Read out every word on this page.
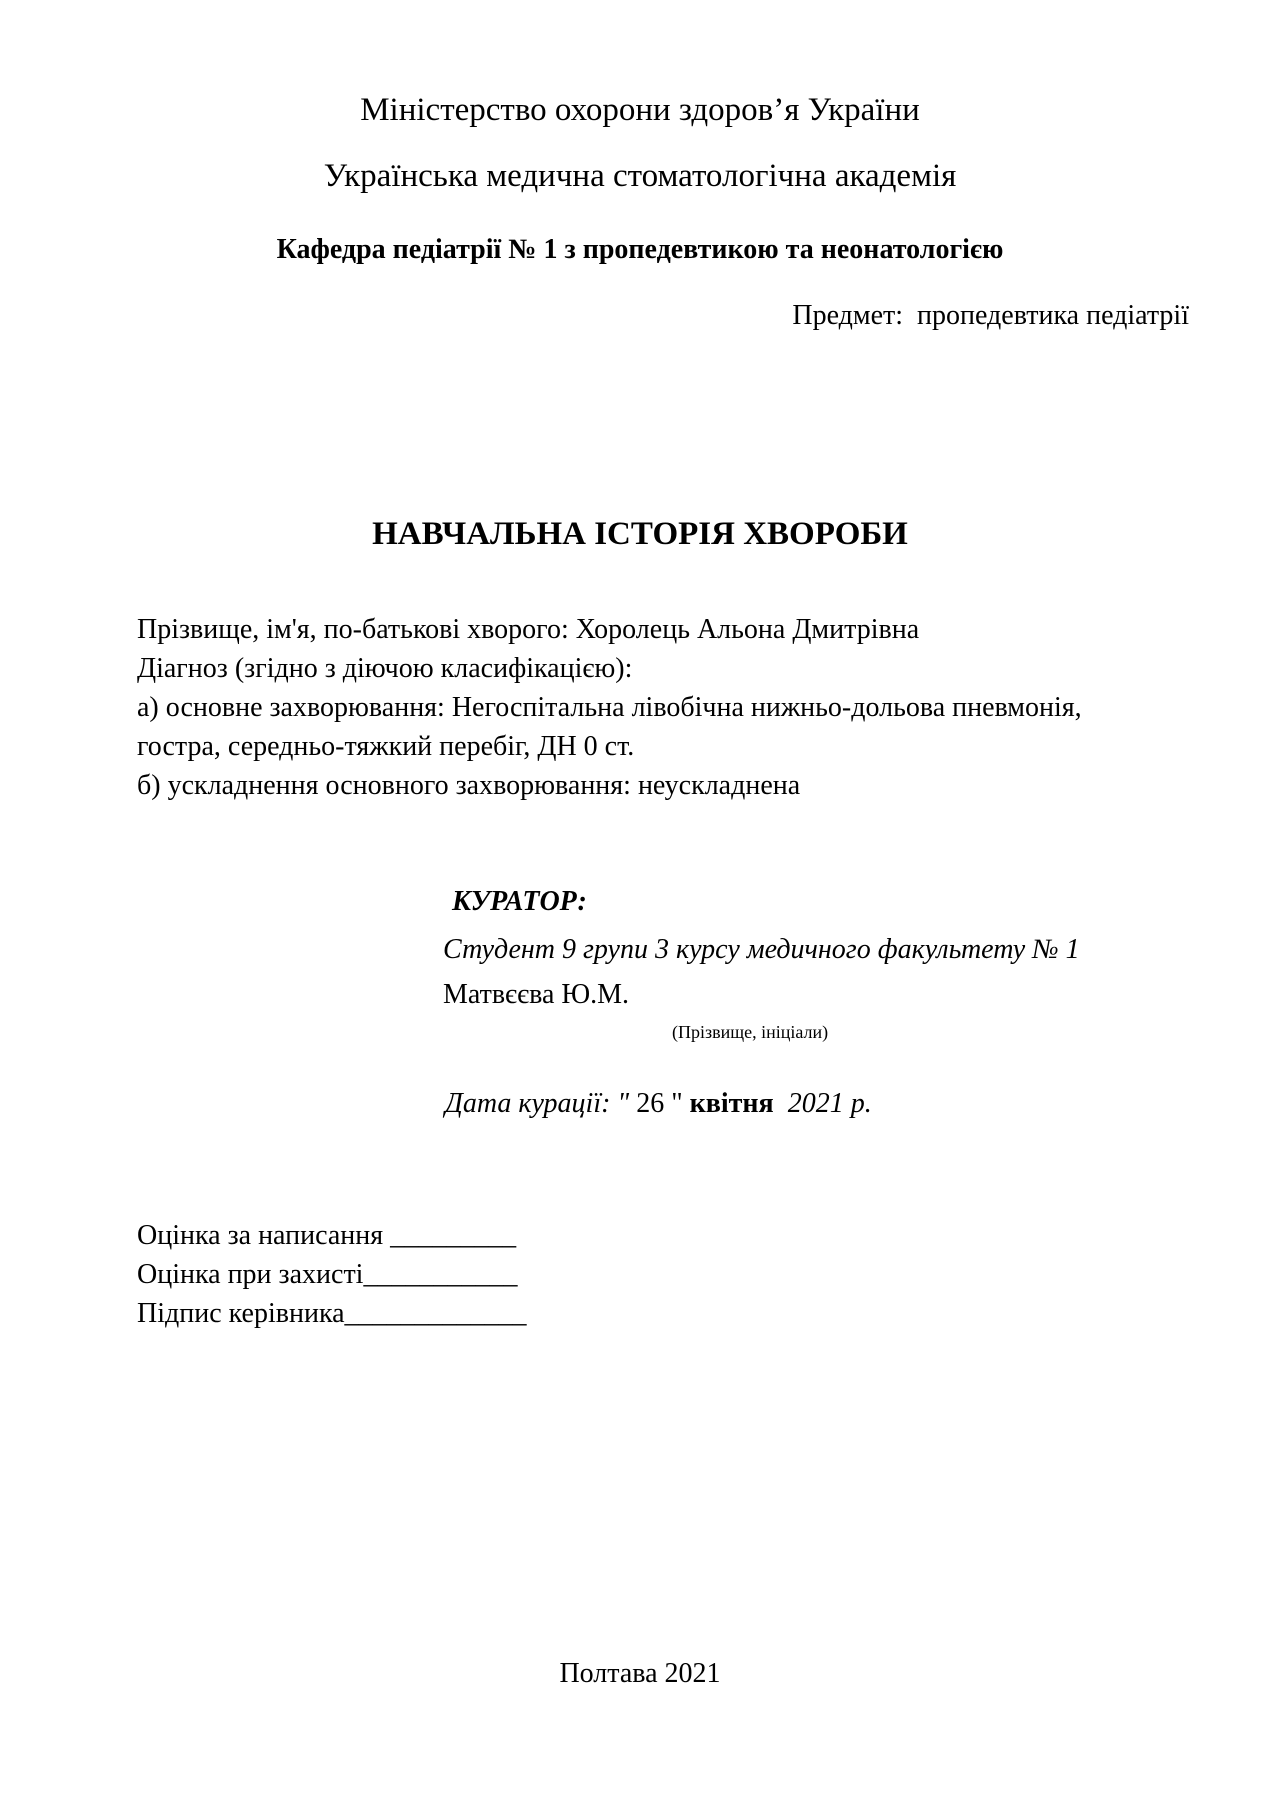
Міністерство охорони здоров’я України
Українська медична стоматологічна академія
Кафедра педіатрії № 1 з пропедевтикою та неонатологією
Предмет: пропедевтика педіатрії
НАВЧАЛЬНА ІСТОРІЯ ХВОРОБИ
Прізвище, ім'я, по-батькові хворого: Хоролець Альона Дмитрівна
Діагноз (згідно з діючою класифікацією):
а) основне захворювання: Негоспітальна лівобічна нижньо-дольова пневмонія,
гостра, середньо-тяжкий перебіг, ДН 0 ст.
б) ускладнення основного захворювання: неускладнена
КУРАТОР:
Студент 9 групи 3 курсу медичного факультету № 1
Матвєєва Ю.М.
(Прізвище, ініціали)
Дата курації: " 26 " квітня 2021 р.
Оцінка за написання _________
Оцінка при захисті___________
Підпис керівника_____________
Полтава 2021
